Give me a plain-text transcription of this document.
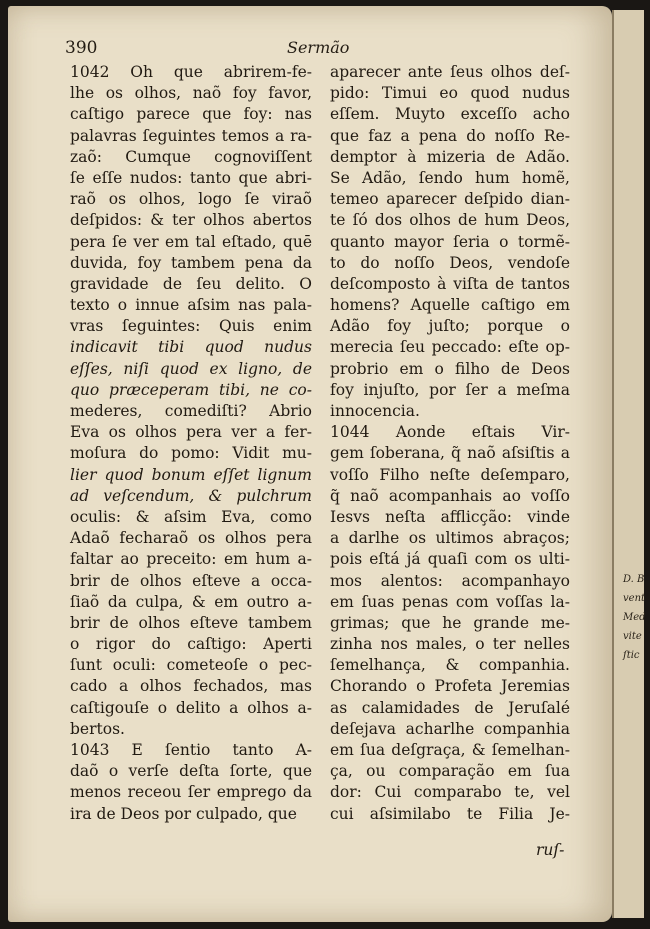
D. B
vent
Med
vite
ſtic
390	Sermão
1042 Oh que abrirem-fe-
lhe os olhos, naõ foy favor,
caſtigo parece que foy: nas
palavras ſeguintes temos a ra-
zaõ: Cumque cognoviſſent
ſe eſſe nudos: tanto que abri-
raõ os olhos, logo ſe viraõ
deſpidos: & ter olhos abertos
pera ſe ver em tal eſtado, quē
duvida, foy tambem pena da
gravidade de ſeu delito. O
texto o innue aſsim nas pala-
vras ſeguintes: Quis enim
indicavit tibi quod nudus
eſſes, niſi quod ex ligno, de
quo præceperam tibi, ne co-
mederes, comediſti? Abrio
Eva os olhos pera ver a fer-
moſura do pomo: Vidit mu-
lier quod bonum eſſet lignum
ad veſcendum, & pulchrum
oculis: & aſsim Eva, como
Adaõ fecharaõ os olhos pera
faltar ao preceito: em hum a-
brir de olhos eſteve a occa-
ſiaõ da culpa, & em outro a-
brir de olhos eſteve tambem
o rigor do caſtigo: Aperti
ſunt oculi: cometeoſe o pec-
cado a olhos fechados, mas
caſtigouſe o delito a olhos a-
bertos.
1043 E ſentio tanto A-
daõ o verſe deſta ſorte, que
menos receou ſer emprego da
ira de Deos por culpado, que
aparecer ante ſeus olhos deſ-
pido: Timui eo quod nudus
eſſem. Muyto exceſſo acho
que faz a pena do noſſo Re-
demptor à mizeria de Adão.
Se Adão, ſendo hum homẽ,
temeo aparecer deſpido dian-
te ſó dos olhos de hum Deos,
quanto mayor ſeria o tormẽ-
to do noſſo Deos, vendoſe
deſcomposto à viſta de tantos
homens? Aquelle caſtigo em
Adão foy juſto; porque o
merecia ſeu peccado: eſte op-
probrio em o filho de Deos
foy injuſto, por ſer a meſma
innocencia.
1044 Aonde eſtais Vir-
gem ſoberana, q̃ naõ aſsiſtis a
voſſo Filho neſte deſemparo,
q̃ naõ acompanhais ao voſſo
Iesvs neſta afflicção: vinde
a darlhe os ultimos abraços;
pois eſtá já quaſi com os ulti-
mos alentos: acompanhayo
em ſuas penas com voſſas la-
grimas; que he grande me-
zinha nos males, o ter nelles
ſemelhança, & companhia.
Chorando o Profeta Jeremias
as calamidades de Jeruſalé
deſejava acharlhe companhia
em ſua deſgraça, & ſemelhan-
ça, ou comparação em ſua
dor: Cui comparabo te, vel
cui aſsimilabo te Filia Je-
ruſ-
